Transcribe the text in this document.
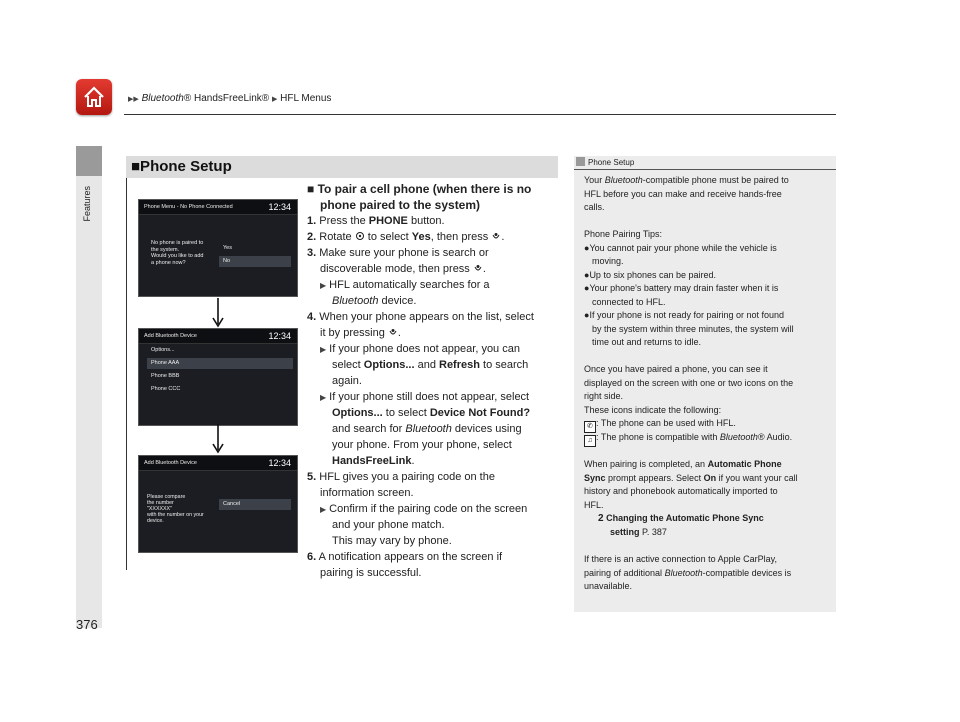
▶▶ Bluetooth® HandsFreeLink® ▶ HFL Menus
Features
376
■Phone Setup
Phone Menu - No Phone Connected	12:34
No phone is paired to
the system.
Would you like to add
a phone now?
Yes
No
Add Bluetooth Device	12:34
Options...
Phone AAA
Phone BBB
Phone CCC
Add Bluetooth Device	12:34
Please compare
the number
"XXXXXX"
with the number on your
device.
Cancel
■ To pair a cell phone (when there is no
phone paired to the system)
1. Press the PHONE button.
2. Rotate  to select Yes, then press .
3. Make sure your phone is search or
discoverable mode, then press .
▶ HFL automatically searches for a
Bluetooth device.
4. When your phone appears on the list, select
it by pressing .
▶ If your phone does not appear, you can
select Options... and Refresh to search
again.
▶ If your phone still does not appear, select
Options... to select Device Not Found?
and search for Bluetooth devices using
your phone. From your phone, select
HandsFreeLink.
5. HFL gives you a pairing code on the
information screen.
▶ Confirm if the pairing code on the screen
and your phone match.
This may vary by phone.
6. A notification appears on the screen if
pairing is successful.
Phone Setup
Your Bluetooth-compatible phone must be paired to
HFL before you can make and receive hands-free
calls.
Phone Pairing Tips:
●You cannot pair your phone while the vehicle is
moving.
●Up to six phones can be paired.
●Your phone's battery may drain faster when it is
connected to HFL.
●If your phone is not ready for pairing or not found
by the system within three minutes, the system will
time out and returns to idle.
Once you have paired a phone, you can see it
displayed on the screen with one or two icons on the
right side.
These icons indicate the following:
✆ : The phone can be used with HFL.
♫ : The phone is compatible with Bluetooth® Audio.
When pairing is completed, an Automatic Phone
Sync prompt appears. Select On if you want your call
history and phonebook automatically imported to
HFL.
2 Changing the Automatic Phone Sync
setting P. 387
If there is an active connection to Apple CarPlay,
pairing of additional Bluetooth-compatible devices is
unavailable.
